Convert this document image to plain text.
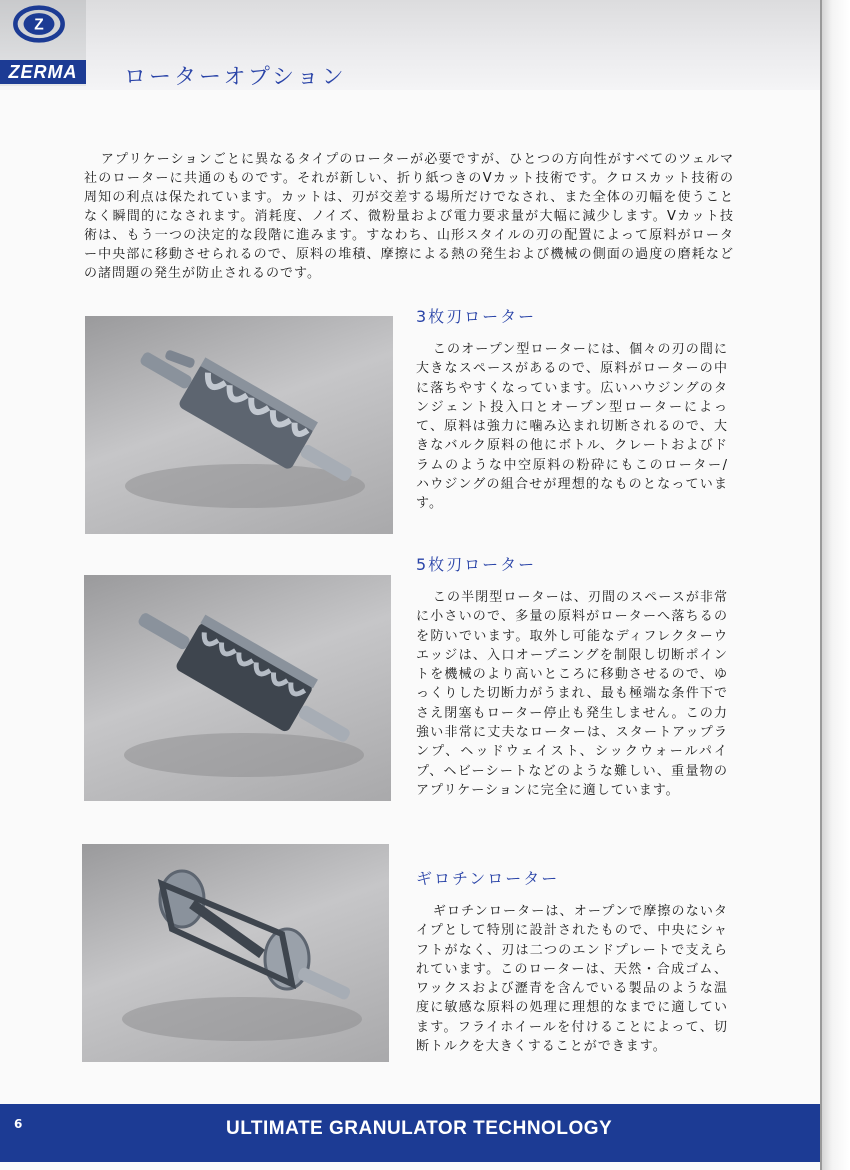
Z
ZERMA	ローターオプション

アプリケーションごとに異なるタイプのローターが必要ですが、ひとつの方向性がすべてのツェルマ社のローターに共通のものです。それが新しい、折り紙つきのVカット技術です。クロスカット技術の周知の利点は保たれています。カットは、刃が交差する場所だけでなされ、また全体の刃幅を使うことなく瞬間的になされます。消耗度、ノイズ、微粉量および電力要求量が大幅に減少します。Vカット技術は、もう一つの決定的な段階に進みます。すなわち、山形スタイルの刃の配置によって原料がローター中央部に移動させられるので、原料の堆積、摩擦による熱の発生および機械の側面の過度の磨耗などの諸問題の発生が防止されるのです。

3枚刃ローター

このオープン型ローターには、個々の刃の間に大きなスペースがあるので、原料がローターの中に落ちやすくなっています。広いハウジングのタンジェント投入口とオープン型ローターによって、原料は強力に噛み込まれ切断されるので、大きなバルク原料の他にボトル、クレートおよびドラムのような中空原料の粉砕にもこのローター/ハウジングの組合せが理想的なものとなっています。

5枚刃ローター

この半閉型ローターは、刃間のスペースが非常に小さいので、多量の原料がローターへ落ちるのを防いでいます。取外し可能なディフレクターウエッジは、入口オープニングを制限し切断ポイントを機械のより高いところに移動させるので、ゆっくりした切断力がうまれ、最も極端な条件下でさえ閉塞もローター停止も発生しません。この力強い非常に丈夫なローターは、スタートアップランプ、ヘッドウェイスト、シックウォールパイプ、ヘビーシートなどのような難しい、重量物のアプリケーションに完全に適しています。

ギロチンローター

ギロチンローターは、オープンで摩擦のないタイプとして特別に設計されたもので、中央にシャフトがなく、刃は二つのエンドプレートで支えられています。このローターは、天然・合成ゴム、ワックスおよび瀝青を含んでいる製品のような温度に敏感な原料の処理に理想的なまでに適しています。フライホイールを付けることによって、切断トルクを大きくすることができます。

6	ULTIMATE GRANULATOR TECHNOLOGY
